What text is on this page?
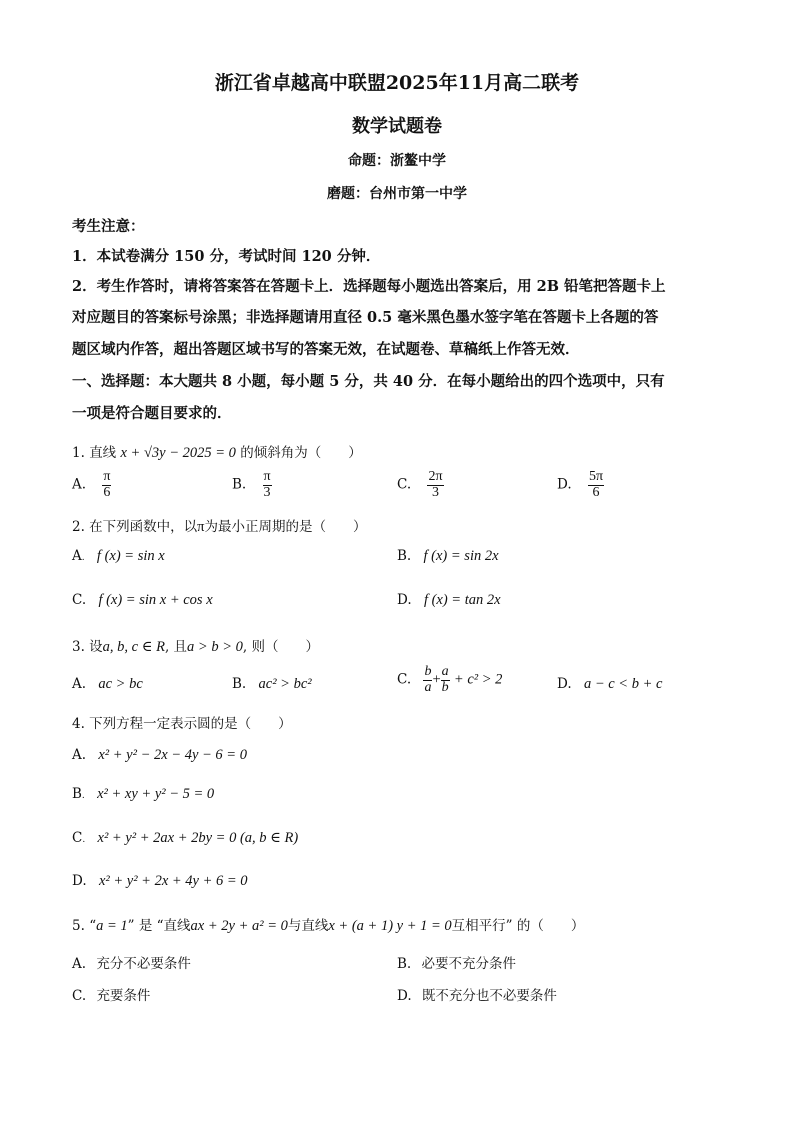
浙江省卓越高中联盟2025年11月高二联考
数学试题卷
命题：浙鳌中学
磨题：台州市第一中学
考生注意：
1．本试卷满分 150 分，考试时间 120 分钟．
2．考生作答时，请将答案答在答题卡上．选择题每小题选出答案后，用 2B 铅笔把答题卡上
对应题目的答案标号涂黑；非选择题请用直径 0.5 毫米黑色墨水签字笔在答题卡上各题的答
题区域内作答，超出答题区域书写的答案无效，在试题卷、草稿纸上作答无效．
一、选择题：本大题共 8 小题，每小题 5 分，共 40 分．在每小题给出的四个选项中，只有
一项是符合题目要求的．
1. 直线 x + √3y − 2025 = 0 的倾斜角为（　　）
A. $\frac{\pi}{6}$	B. $\frac{\pi}{3}$	C. $\frac{2\pi}{3}$	D. $\frac{5\pi}{6}$
2. 在下列函数中，以π为最小正周期的是（　　）
A. f (x) = sin x	B. f (x) = sin 2x
C. f (x) = sin x + cos x	D. f (x) = tan 2x
3. 设a, b, c ∈ R, 且a > b > 0, 则（　　）
A. ac > bc	B. ac² > bc²	C. $\frac{b}{a} + \frac{a}{b} + c^2 > 2$	D. a − c < b + c
4. 下列方程一定表示圆的是（　　）
A. x² + y² − 2x − 4y − 6 = 0
B. x² + xy + y² − 5 = 0
C. x² + y² + 2ax + 2by = 0 (a, b ∈ R)
D. x² + y² + 2x + 4y + 6 = 0
5. “a = 1” 是 “直线ax + 2y + a² = 0与直线x + (a + 1) y + 1 = 0互相平行” 的（　　）
A. 充分不必要条件	B. 必要不充分条件
C. 充要条件	D. 既不充分也不必要条件
